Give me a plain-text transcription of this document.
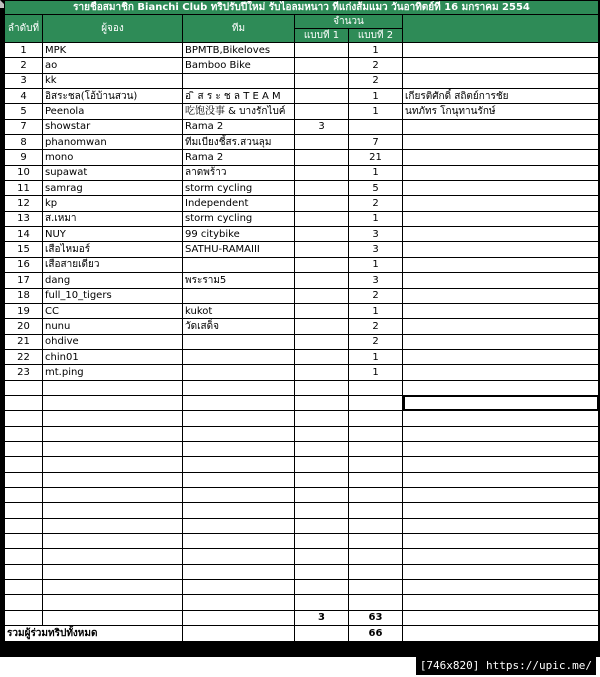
รายชื่อสมาชิก Bianchi Club ทริปรับปีใหม่ รับไอลมหนาว ที่แก่งส้มแมว วันอาทิตย์ที่ 16 มกราคม 2554					
ลำดับที่	ผู้จอง	ทีม	จำนวน		
			แบบที่ 1	แบบที่ 2	
1	MPK	BPMTB,Bikeloves		1	
2	ao	Bamboo Bike		2	
3	kk			2	
4	อิสระชล(โอ้บ้านสวน)	อ ิ ส ร ะ ช ล T E A M		1	เกียรติศักดิ์ สถิตย์การชัย
5	Peenola	吃饱没事 & บางรักไบค์		1	นทภัทร โกนุทานรักษ์
7	showstar	Rama 2	3		
8	phanomwan	ทีมเบียงชี้สร.สวนลุม		7	
9	mono	Rama 2		21	
10	supawat	ลาดพร้าว		1	
11	samrag	storm cycling		5	
12	kp	Independent		2	
13	ส.เหมา	storm cycling		1	
14	NUY	99 citybike		3	
15	เสือไหมอร์	SATHU-RAMAIII		3	
16	เสือสายเดี่ยว			1	
17	dang	พระราม5		3	
18	full_10_tigers			2	
19	CC	kukot		1	
20	nunu	วัดเสด็จ		2	
21	ohdive			2	
22	chin01			1	
23	mt.ping			1	

			3	63	
รวมผู้ร่วมทริปทั้งหมด				66	
[746x820] https://upic.me/
